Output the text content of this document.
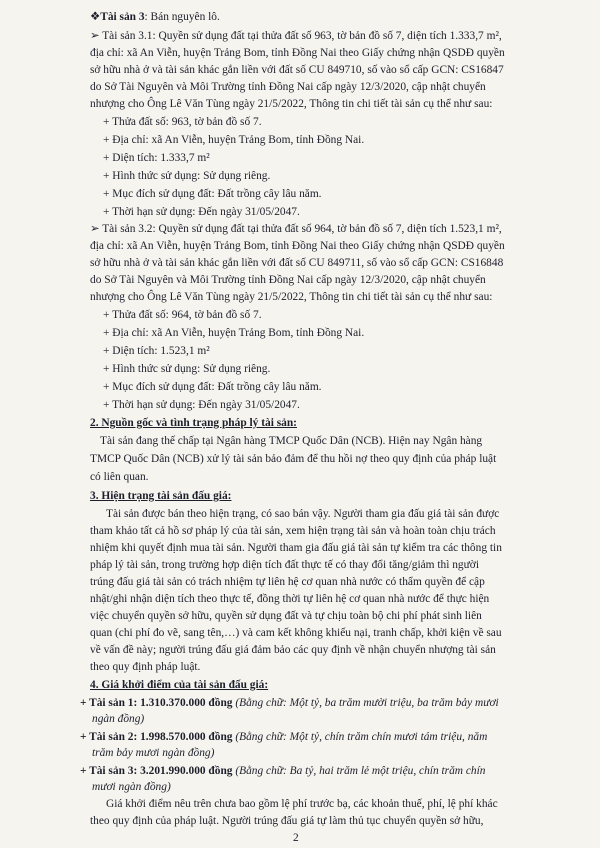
❖Tài sản 3: Bán nguyên lô.
➢ Tài sản 3.1: Quyền sử dụng đất tại thửa đất số 963, tờ bản đồ số 7, diện tích 1.333,7 m²,
địa chỉ: xã An Viễn, huyện Trảng Bom, tỉnh Đồng Nai theo Giấy chứng nhận QSDĐ quyền
sở hữu nhà ở và tài sản khác gắn liền với đất số CU 849710, số vào sổ cấp GCN: CS16847
do Sở Tài Nguyên và Môi Trường tỉnh Đồng Nai cấp ngày 12/3/2020, cập nhật chuyển
nhượng cho Ông Lê Văn Tùng ngày 21/5/2022, Thông tin chi tiết tài sản cụ thể như sau:
+ Thửa đất số: 963, tờ bản đồ số 7.
+ Địa chỉ: xã An Viễn, huyện Trảng Bom, tỉnh Đồng Nai.
+ Diện tích: 1.333,7 m²
+ Hình thức sử dụng: Sử dụng riêng.
+ Mục đích sử dụng đất: Đất trồng cây lâu năm.
+ Thời hạn sử dụng: Đến ngày 31/05/2047.
➢ Tài sản 3.2: Quyền sử dụng đất tại thửa đất số 964, tờ bản đồ số 7, diện tích 1.523,1 m²,
địa chỉ: xã An Viễn, huyện Trảng Bom, tỉnh Đồng Nai theo Giấy chứng nhận QSDĐ quyền
sở hữu nhà ở và tài sản khác gắn liền với đất số CU 849711, số vào sổ cấp GCN: CS16848
do Sở Tài Nguyên và Môi Trường tỉnh Đồng Nai cấp ngày 12/3/2020, cập nhật chuyển
nhượng cho Ông Lê Văn Tùng ngày 21/5/2022, Thông tin chi tiết tài sản cụ thể như sau:
+ Thửa đất số: 964, tờ bản đồ số 7.
+ Địa chỉ: xã An Viễn, huyện Trảng Bom, tỉnh Đồng Nai.
+ Diện tích: 1.523,1 m²
+ Hình thức sử dụng: Sử dụng riêng.
+ Mục đích sử dụng đất: Đất trồng cây lâu năm.
+ Thời hạn sử dụng: Đến ngày 31/05/2047.
2. Nguồn gốc và tình trạng pháp lý tài sản:
Tài sản đang thế chấp tại Ngân hàng TMCP Quốc Dân (NCB). Hiện nay Ngân hàng
TMCP Quốc Dân (NCB) xử lý tài sản bảo đảm để thu hồi nợ theo quy định của pháp luật
có liên quan.
3. Hiện trạng tài sản đấu giá:
Tài sản được bán theo hiện trạng, có sao bán vậy. Người tham gia đấu giá tài sản được
tham khảo tất cả hồ sơ pháp lý của tài sản, xem hiện trạng tài sản và hoàn toàn chịu trách
nhiệm khi quyết định mua tài sản. Người tham gia đấu giá tài sản tự kiểm tra các thông tin
pháp lý tài sản, trong trường hợp diện tích đất thực tế có thay đổi tăng/giảm thì người
trúng đấu giá tài sản có trách nhiệm tự liên hệ cơ quan nhà nước có thẩm quyền để cập
nhật/ghi nhận diện tích theo thực tế, đồng thời tự liên hệ cơ quan nhà nước để thực hiện
việc chuyển quyền sở hữu, quyền sử dụng đất và tự chịu toàn bộ chi phí phát sinh liên
quan (chi phí đo vẽ, sang tên,…) và cam kết không khiếu nại, tranh chấp, khởi kiện về sau
về vấn đề này; người trúng đấu giá đảm bảo các quy định về nhận chuyển nhượng tài sản
theo quy định pháp luật.
4. Giá khởi điểm của tài sản đấu giá:
+ Tài sản 1: 1.310.370.000 đồng (Bằng chữ: Một tỷ, ba trăm mười triệu, ba trăm bảy mươi
ngàn đồng)
+ Tài sản 2: 1.998.570.000 đồng (Bằng chữ: Một tỷ, chín trăm chín mươi tám triệu, năm
trăm bảy mươi ngàn đồng)
+ Tài sản 3: 3.201.990.000 đồng (Bằng chữ: Ba tỷ, hai trăm lẻ một triệu, chín trăm chín
mươi ngàn đồng)
Giá khởi điểm nêu trên chưa bao gồm lệ phí trước bạ, các khoản thuế, phí, lệ phí khác
theo quy định của pháp luật. Người trúng đấu giá tự làm thủ tục chuyển quyền sở hữu,
2
